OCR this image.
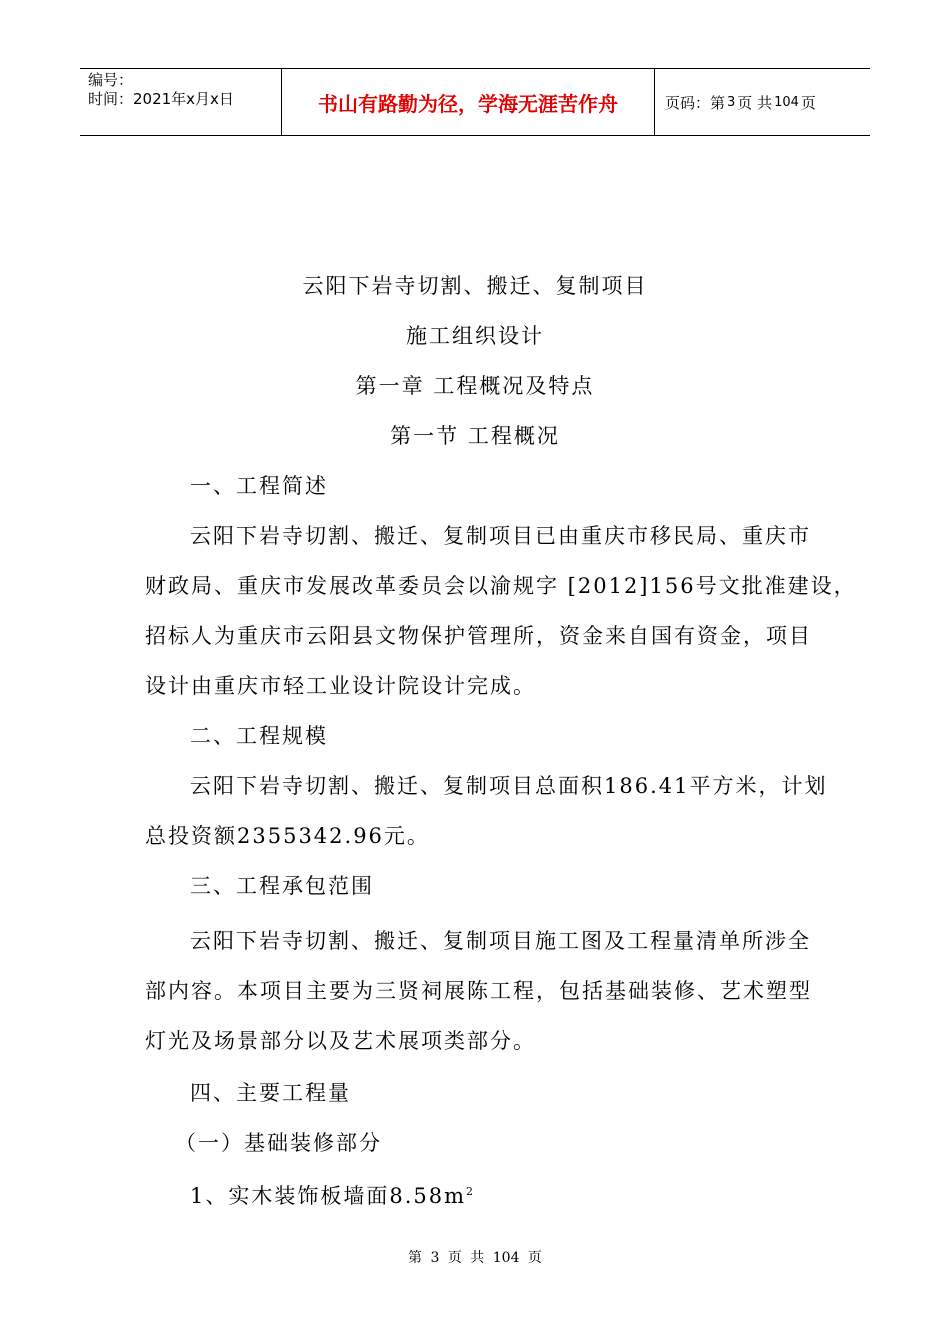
编号：
时间：2021年x月x日	书山有路勤为径，学海无涯苦作舟	页码：第 3 页 共 104 页
云阳下岩寺切割、搬迁、复制项目
施工组织设计
第一章 工程概况及特点
第一节 工程概况
一、工程简述
云阳下岩寺切割、搬迁、复制项目已由重庆市移民局、重庆市
财政局、重庆市发展改革委员会以渝规字 [2012]156号文批准建设，
招标人为重庆市云阳县文物保护管理所，资金来自国有资金，项目
设计由重庆市轻工业设计院设计完成。
二、工程规模
云阳下岩寺切割、搬迁、复制项目总面积186.41平方米，计划
总投资额2355342.96元。
三、工程承包范围
云阳下岩寺切割、搬迁、复制项目施工图及工程量清单所涉全
部内容。本项目主要为三贤祠展陈工程，包括基础装修、艺术塑型
灯光及场景部分以及艺术展项类部分。
四、主要工程量
（一）基础装修部分
1、实木装饰板墙面$8.58m^2$
第 3 页 共 104 页
